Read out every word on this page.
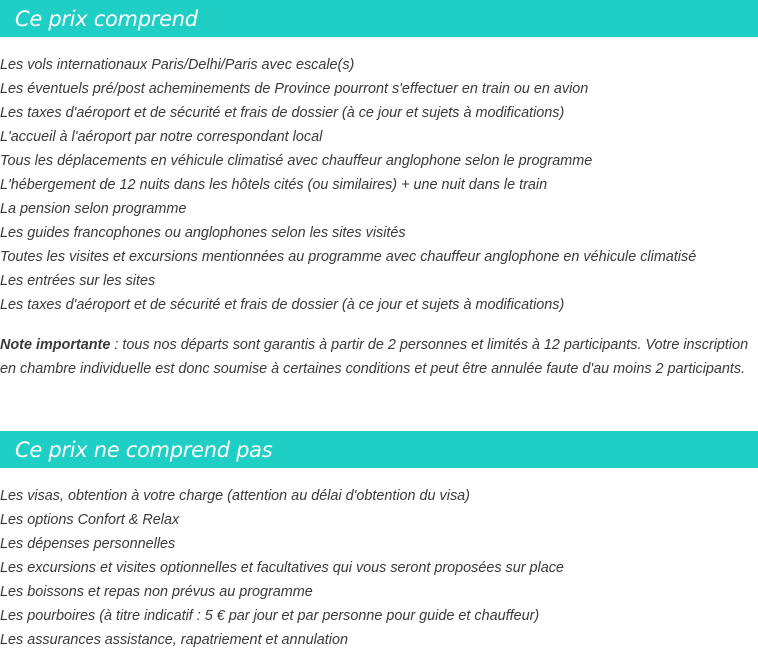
Ce prix comprend
Les vols internationaux Paris/Delhi/Paris avec escale(s)
Les éventuels pré/post acheminements de Province pourront s'effectuer en train ou en avion
Les taxes d'aéroport et de sécurité et frais de dossier (à ce jour et sujets à modifications)
L'accueil à l'aéroport par notre correspondant local
Tous les déplacements en véhicule climatisé avec chauffeur anglophone selon le programme
L'hébergement de 12 nuits dans les hôtels cités (ou similaires) + une nuit dans le train
La pension selon programme
Les guides francophones ou anglophones selon les sites visités
Toutes les visites et excursions mentionnées au programme avec chauffeur anglophone en véhicule climatisé
Les entrées sur les sites
Les taxes d'aéroport et de sécurité et frais de dossier (à ce jour et sujets à modifications)

Note importante : tous nos départs sont garantis à partir de 2 personnes et limités à 12 participants. Votre inscription en chambre individuelle est donc soumise à certaines conditions et peut être annulée faute d'au moins 2 participants.

Ce prix ne comprend pas
Les visas, obtention à votre charge (attention au délai d'obtention du visa)
Les options Confort & Relax
Les dépenses personnelles
Les excursions et visites optionnelles et facultatives qui vous seront proposées sur place
Les boissons et repas non prévus au programme
Les pourboires (à titre indicatif : 5 € par jour et par personne pour guide et chauffeur)
Les assurances assistance, rapatriement et annulation
